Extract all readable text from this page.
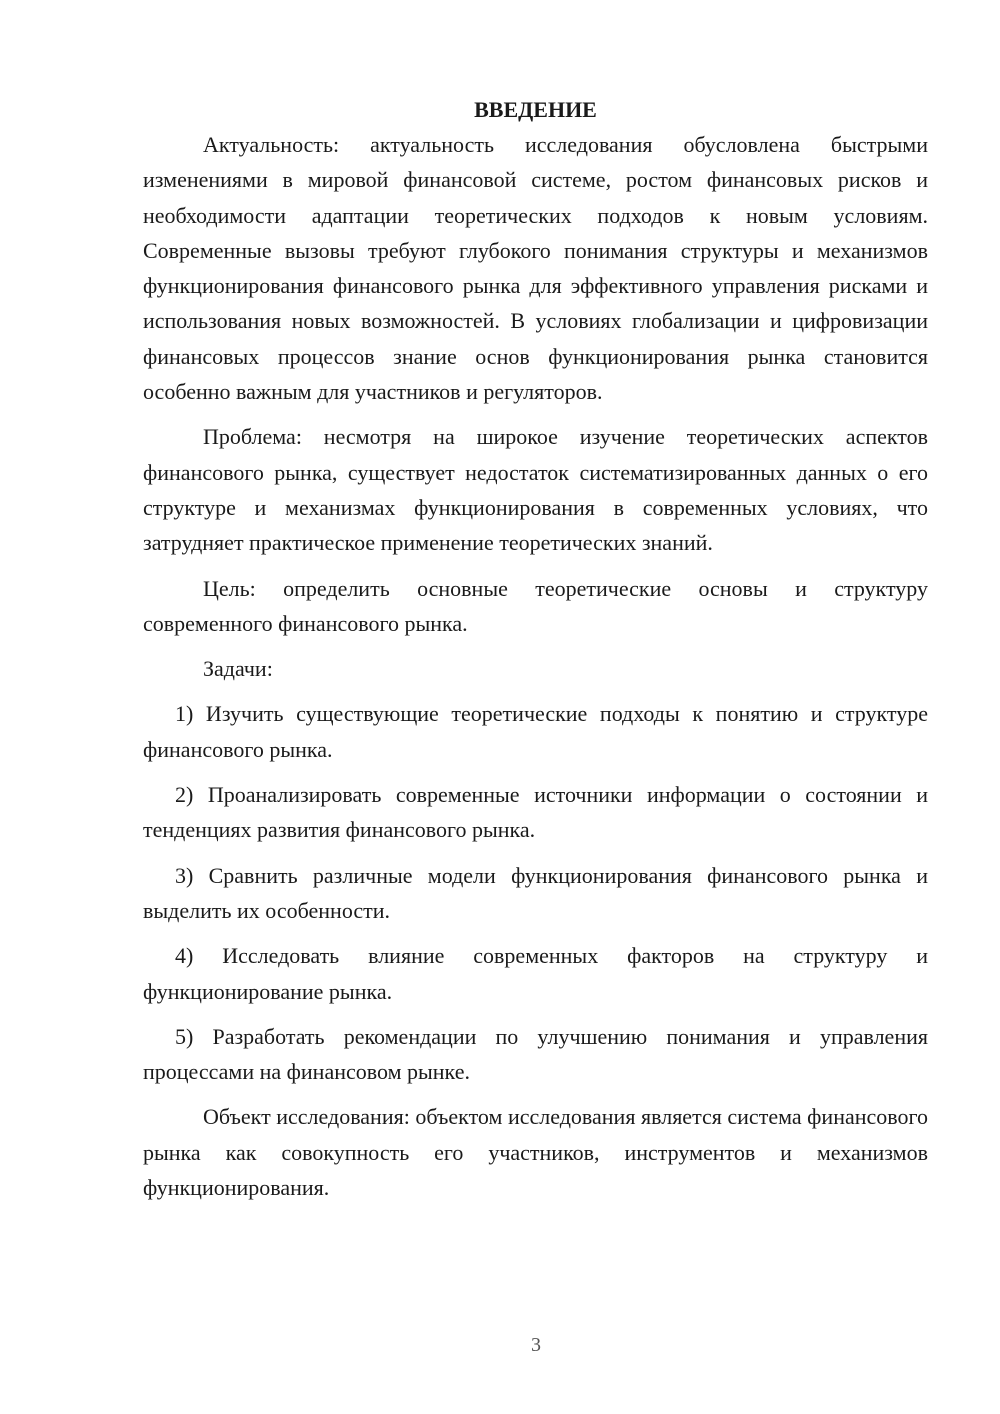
ВВЕДЕНИЕ

Актуальность: актуальность исследования обусловлена быстрыми изменениями в мировой финансовой системе, ростом финансовых рисков и необходимости адаптации теоретических подходов к новым условиям. Современные вызовы требуют глубокого понимания структуры и механизмов функционирования финансового рынка для эффективного управления рисками и использования новых возможностей. В условиях глобализации и цифровизации финансовых процессов знание основ функционирования рынка становится особенно важным для участников и регуляторов.

Проблема: несмотря на широкое изучение теоретических аспектов финансового рынка, существует недостаток систематизированных данных о его структуре и механизмах функционирования в современных условиях, что затрудняет практическое применение теоретических знаний.

Цель: определить основные теоретические основы и структуру современного финансового рынка.

Задачи:

1) Изучить существующие теоретические подходы к понятию и структуре финансового рынка.

2) Проанализировать современные источники информации о состоянии и тенденциях развития финансового рынка.

3) Сравнить различные модели функционирования финансового рынка и выделить их особенности.

4) Исследовать влияние современных факторов на структуру и функционирование рынка.

5) Разработать рекомендации по улучшению понимания и управления процессами на финансовом рынке.

Объект исследования: объектом исследования является система финансового рынка как совокупность его участников, инструментов и механизмов функционирования.

3
